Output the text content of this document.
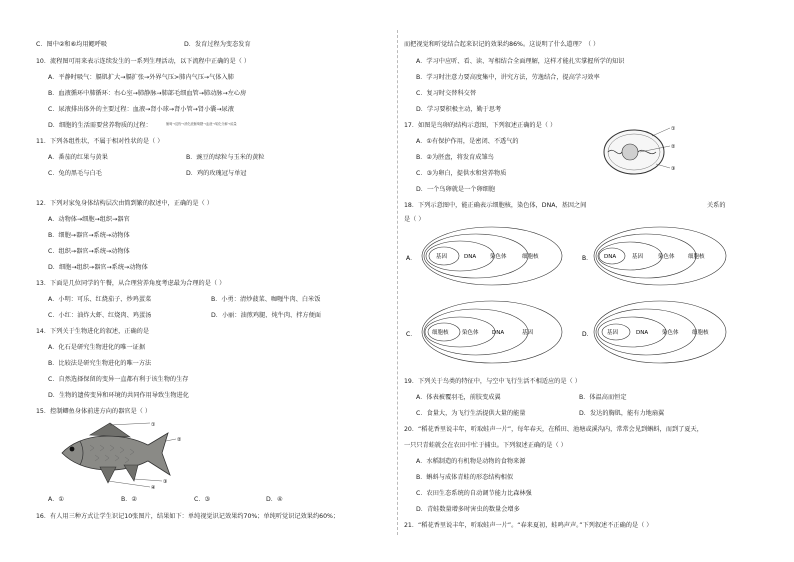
葡萄→淀粉→消化液葡萄糖→血液→氧化分解→能量
①
②
③
④
C．图中②和⑥均用鳃呼吸	D．发育过程为变态发育
10．流程图可用来表示连续发生的一系列生理活动，以下流程中正确的是（ ）
A．平静时吸气：膈肌扩大→膈扩张→外界气压>肺内气压→气体入肺
B．血液循环中肺循环：右心室→肺静脉→肺部毛细血管→肺动脉→左心房
C．尿液排出体外的主要过程：血液→肾小球→肾小管→肾小囊→尿液
D．细胞的生活需要营养物质的过程：
11．下列各组性状，不属于相对性状的是（ ）
A．番茄的红果与黄果	B．豌豆的绿粒与玉米的黄粒
C．兔的黑毛与白毛	D．鸡的玫瑰冠与单冠
12．下列对家兔身体结构层次由简到繁的叙述中，正确的是（ ）
A．动物体→细胞→组织→器官
B．细胞→器官→系统→动物体
C．组织→器官→系统→动物体
D．细胞→组织→器官→系统→动物体
13．下面是几位同学的午餐，从合理营养角度考虑最为合理的是（ ）
A．小明：可乐、红烧茄子、炒鸡蛋菜	B．小勇：清炒菠菜、咖喱牛肉、白米饭
C．小红：油炸大虾、红烧肉、鸡蛋汤	D．小丽：油煎鸡腿、炖牛肉、拌方便面
14．下列关于生物进化的叙述，正确的是
A．化石是研究生物进化的唯一证据
B．比较法是研究生物进化的唯一方法
C．自然选择保留的变异一直都有利于该生物的生存
D．生物的遗传变异和环境的共同作用导致生物进化
15．控制鲫鱼身体前进方向的器官是（ ）
A．①	B．②	C．③	D．④
16．有人用三种方式让学生识记10张图片，结果如下：单纯视觉识记效果约70%；单纯听觉识记效果约60%；
①
②
③
A．	基因	DNA	染色体	细胞核	B． DNA	基因	染色体 细胞核
C．	细胞核 染色体 DNA	基因	D．	基因	DNA	染色体 细胞核
而把视觉和听觉结合起来识记的效果约86%。这说明了什么道理？（ ）
A．学习中应听、看、读、写相结合全面理解，这样才能扎实掌握所学的知识
B．学习时注意力要高度集中，讲究方法，劳逸结合，提高学习效率
C．复习时交替科交替
D．学习要积极主动，勤于思考
17．如图是鸟卵的结构示意图，下列叙述正确的是（ ）
A．①有保护作用，是密闭、不透气的
B．②为胚盘，将发育成雏鸟
C．③为卵白，提供水和营养物质
D．一个鸟卵就是一个卵细胞
18．下列示意图中，能正确表示细胞核，染色体，DNA，基因之间	关系的
是（ ）
19．下列关于鸟类的特征中，与空中飞行生活不相适应的是（ ）
A．体表被覆羽毛，前肢变成翼	B．体温高而恒定
C．食量大，为飞行生活提供大量的能量	D．发达的胸肌，能有力地扇翼
20．“稻花香里说丰年，听取蛙声一片”，每年春天，在稻田、池塘或溪沟内，常常会见到蝌蚪，而到了夏天，
一只只青蛙就会在农田中忙于捕虫。下列叙述正确的是（ ）
A．水稻制造的有机物是动物的食物来源
B．蝌蚪与成体青蛙的形态结构相似
C．农田生态系统的自动调节能力比森林强
D．青蛙数量增多时害虫的数量会增多
21．“稻花香里说丰年，听取蛙声一片”。“春来夏初，蛙鸣声声。”下列叙述不正确的是（ ）
